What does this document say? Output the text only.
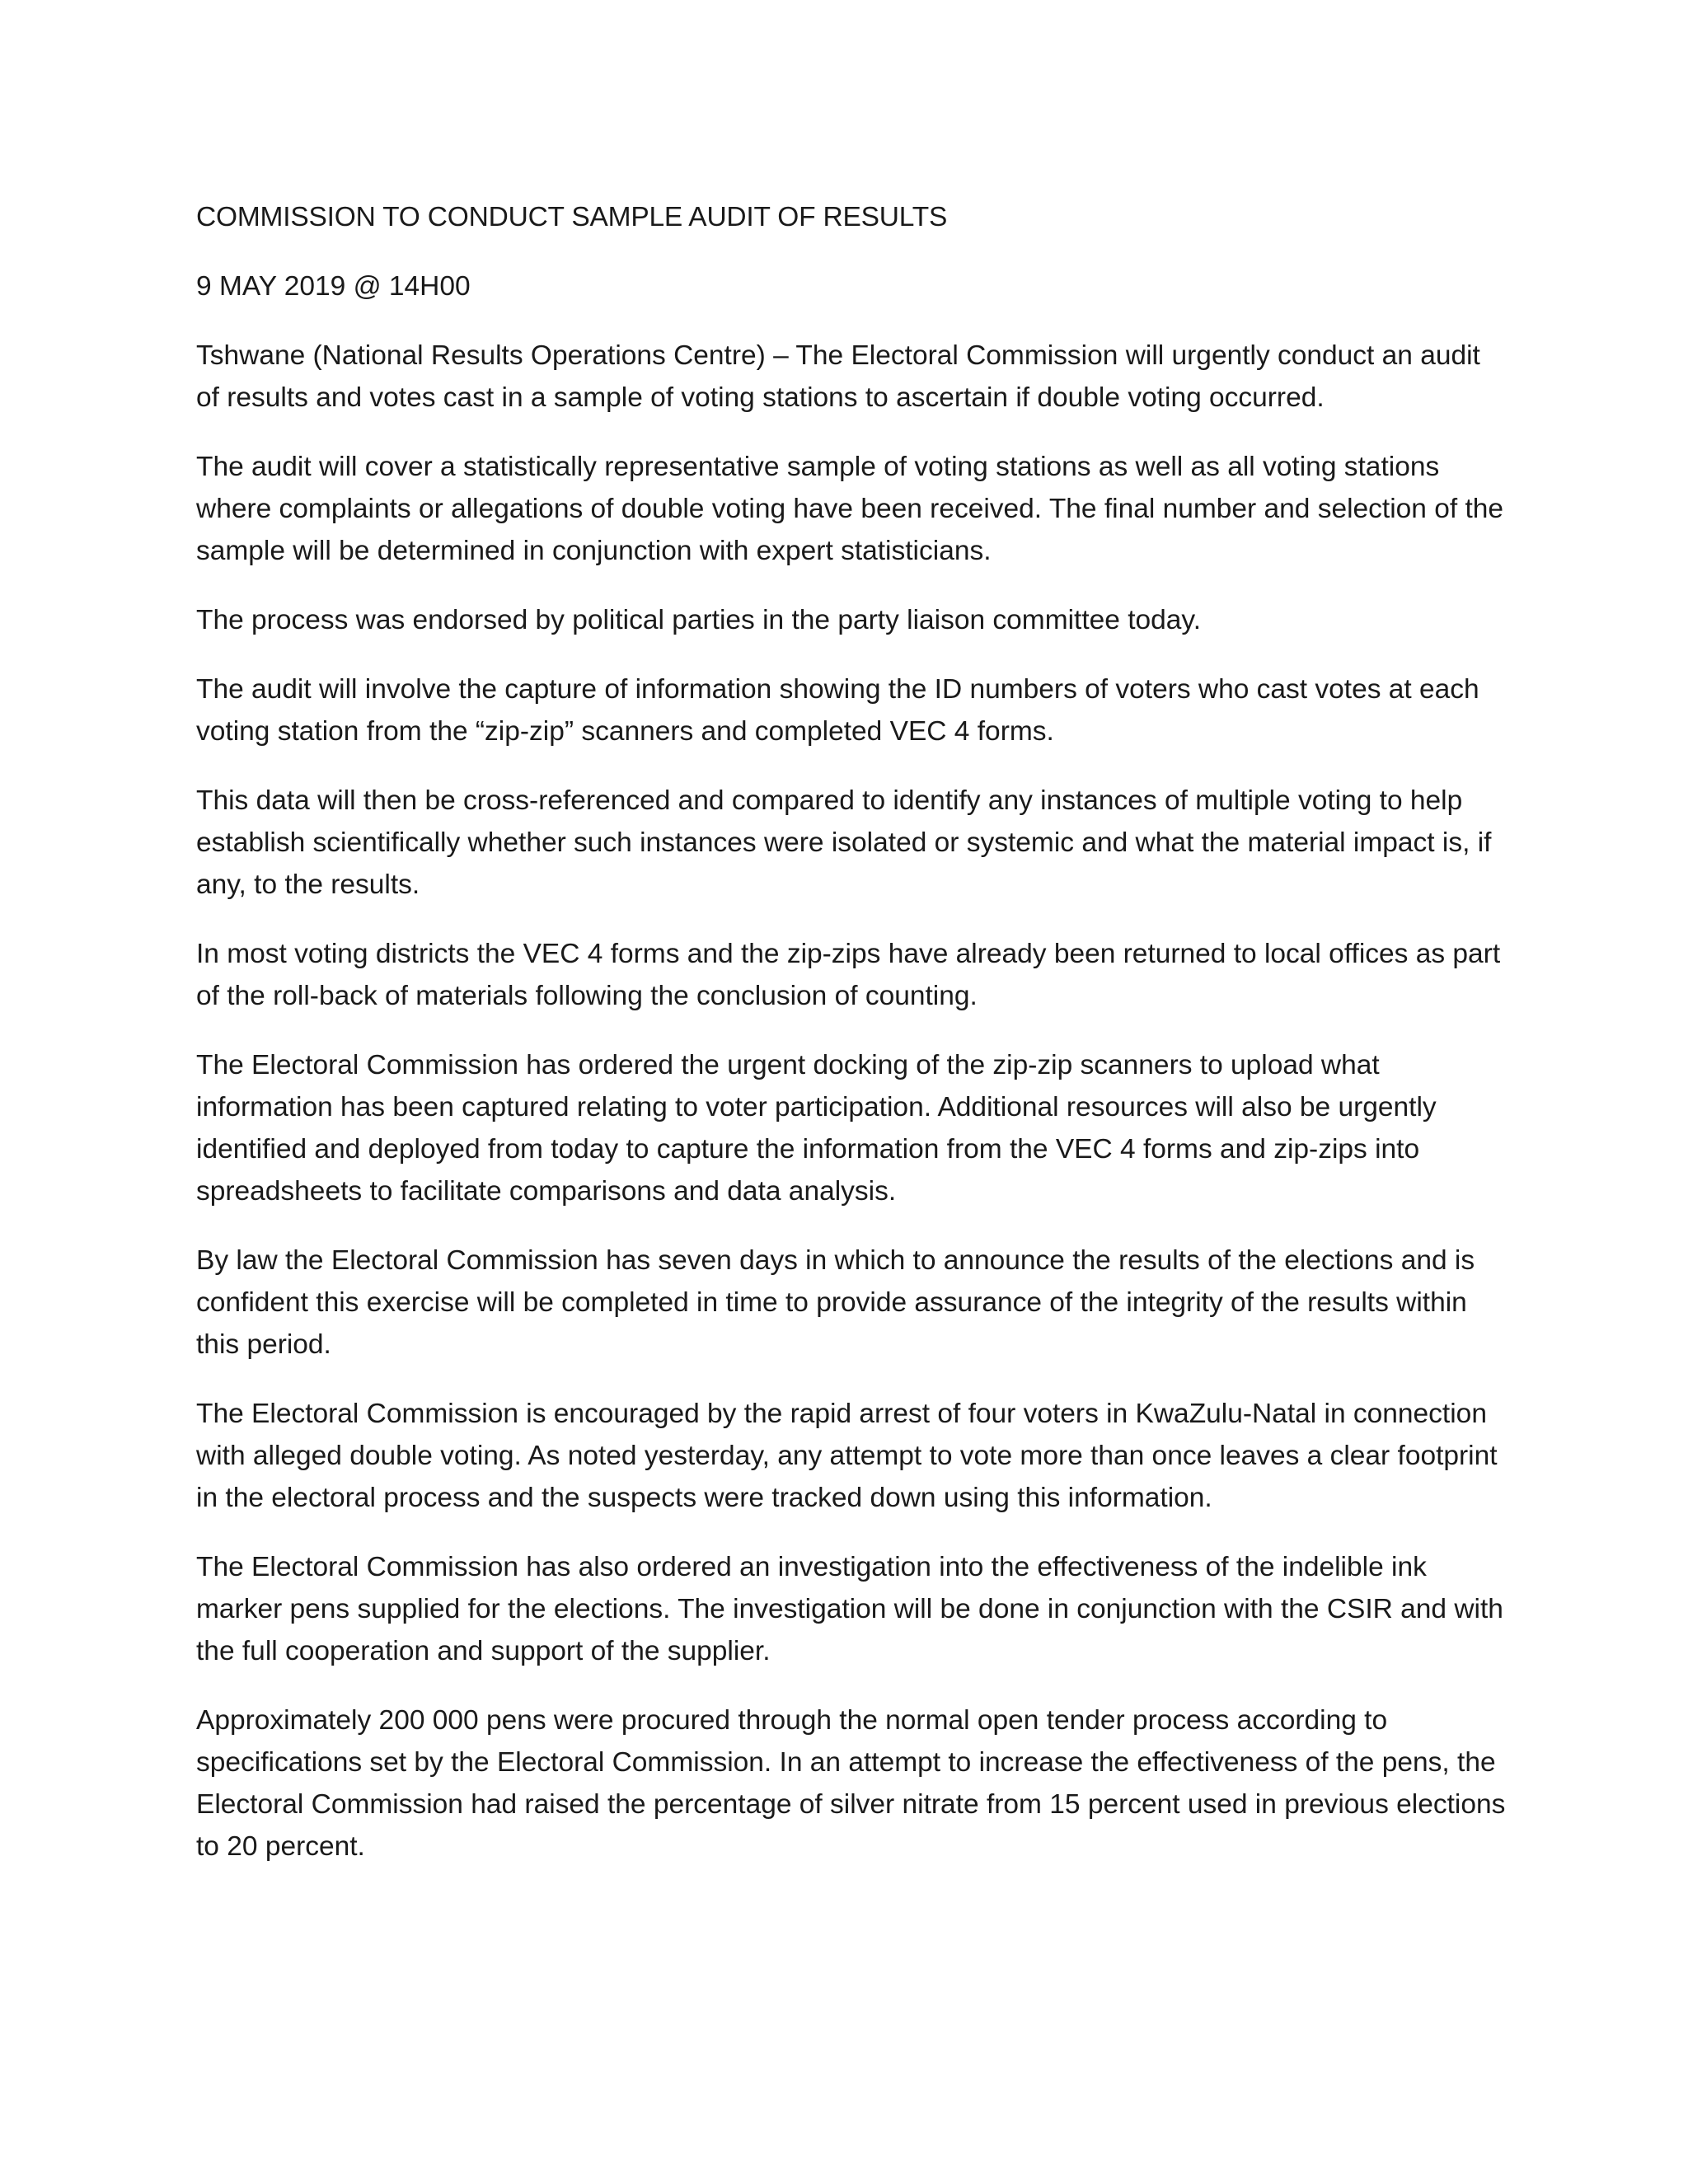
COMMISSION TO CONDUCT SAMPLE AUDIT OF RESULTS

9 MAY 2019 @ 14H00

Tshwane (National Results Operations Centre) – The Electoral Commission will urgently conduct an audit of results and votes cast in a sample of voting stations to ascertain if double voting occurred.

The audit will cover a statistically representative sample of voting stations as well as all voting stations where complaints or allegations of double voting have been received. The final number and selection of the sample will be determined in conjunction with expert statisticians.

The process was endorsed by political parties in the party liaison committee today.

The audit will involve the capture of information showing the ID numbers of voters who cast votes at each voting station from the “zip-zip” scanners and completed VEC 4 forms.

This data will then be cross-referenced and compared to identify any instances of multiple voting to help establish scientifically whether such instances were isolated or systemic and what the material impact is, if any, to the results.

In most voting districts the VEC 4 forms and the zip-zips have already been returned to local offices as part of the roll-back of materials following the conclusion of counting.

The Electoral Commission has ordered the urgent docking of the zip-zip scanners to upload what information has been captured relating to voter participation. Additional resources will also be urgently identified and deployed from today to capture the information from the VEC 4 forms and zip-zips into spreadsheets to facilitate comparisons and data analysis.

By law the Electoral Commission has seven days in which to announce the results of the elections and is confident this exercise will be completed in time to provide assurance of the integrity of the results within this period.

The Electoral Commission is encouraged by the rapid arrest of four voters in KwaZulu-Natal in connection with alleged double voting. As noted yesterday, any attempt to vote more than once leaves a clear footprint in the electoral process and the suspects were tracked down using this information.

The Electoral Commission has also ordered an investigation into the effectiveness of the indelible ink marker pens supplied for the elections. The investigation will be done in conjunction with the CSIR and with the full cooperation and support of the supplier.

Approximately 200 000 pens were procured through the normal open tender process according to specifications set by the Electoral Commission. In an attempt to increase the effectiveness of the pens, the Electoral Commission had raised the percentage of silver nitrate from 15 percent used in previous elections to 20 percent.
